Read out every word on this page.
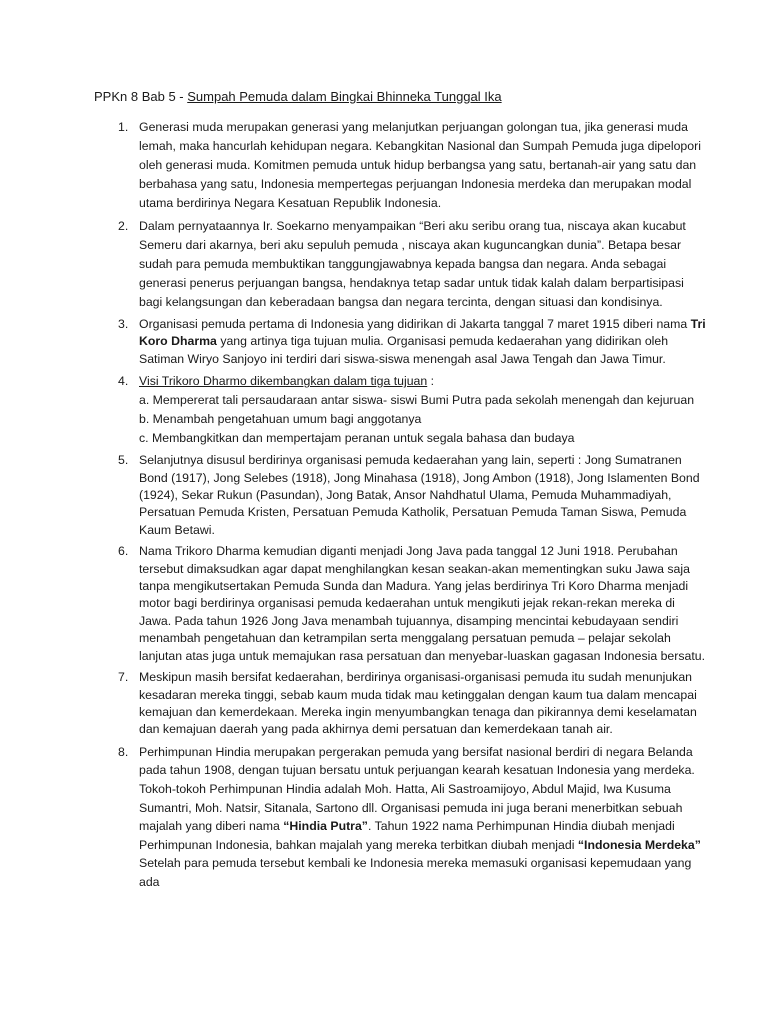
PPKn 8 Bab 5 - Sumpah Pemuda dalam Bingkai Bhinneka Tunggal Ika
1. Generasi muda merupakan generasi yang melanjutkan perjuangan golongan tua, jika generasi muda lemah, maka hancurlah kehidupan negara. Kebangkitan Nasional dan Sumpah Pemuda juga dipelopori oleh generasi muda. Komitmen pemuda untuk hidup berbangsa yang satu, bertanah-air yang satu dan berbahasa yang satu, Indonesia mempertegas perjuangan Indonesia merdeka dan merupakan modal utama berdirinya Negara Kesatuan Republik Indonesia.
2. Dalam pernyataannya Ir. Soekarno menyampaikan “Beri aku seribu orang tua, niscaya akan kucabut Semeru dari akarnya, beri aku sepuluh pemuda , niscaya akan kuguncangkan dunia”. Betapa besar sudah para pemuda membuktikan tanggungjawabnya kepada bangsa dan negara. Anda sebagai generasi penerus perjuangan bangsa, hendaknya tetap sadar untuk tidak kalah dalam berpartisipasi bagi kelangsungan dan keberadaan bangsa dan negara tercinta, dengan situasi dan kondisinya.
3. Organisasi pemuda pertama di Indonesia yang didirikan di Jakarta tanggal 7 maret 1915 diberi nama Tri Koro Dharma yang artinya tiga tujuan mulia. Organisasi pemuda kedaerahan yang didirikan oleh Satiman Wiryo Sanjoyo ini terdiri dari siswa-siswa menengah asal Jawa Tengah dan Jawa Timur.
4. Visi Trikoro Dharmo dikembangkan dalam tiga tujuan :
a. Mempererat tali persaudaraan antar siswa- siswi Bumi Putra pada sekolah menengah dan kejuruan
b. Menambah pengetahuan umum bagi anggotanya
c. Membangkitkan dan mempertajam peranan untuk segala bahasa dan budaya
5. Selanjutnya disusul berdirinya organisasi pemuda kedaerahan yang lain, seperti : Jong Sumatranen Bond (1917), Jong Selebes (1918), Jong Minahasa (1918), Jong Ambon (1918), Jong Islamenten Bond (1924), Sekar Rukun (Pasundan), Jong Batak, Ansor Nahdhatul Ulama, Pemuda Muhammadiyah, Persatuan Pemuda Kristen, Persatuan Pemuda Katholik, Persatuan Pemuda Taman Siswa, Pemuda Kaum Betawi.
6. Nama Trikoro Dharma kemudian diganti menjadi Jong Java pada tanggal 12 Juni 1918. Perubahan tersebut dimaksudkan agar dapat menghilangkan kesan seakan-akan mementingkan suku Jawa saja tanpa mengikutsertakan Pemuda Sunda dan Madura. Yang jelas berdirinya Tri Koro Dharma menjadi motor bagi berdirinya organisasi pemuda kedaerahan untuk mengikuti jejak rekan-rekan mereka di Jawa. Pada tahun 1926 Jong Java menambah tujuannya, disamping mencintai kebudayaan sendiri menambah pengetahuan dan ketrampilan serta menggalang persatuan pemuda – pelajar sekolah lanjutan atas juga untuk memajukan rasa persatuan dan menyebar-luaskan gagasan Indonesia bersatu.
7. Meskipun masih bersifat kedaerahan, berdirinya organisasi-organisasi pemuda itu sudah menunjukan kesadaran mereka tinggi, sebab kaum muda tidak mau ketinggalan dengan kaum tua dalam mencapai kemajuan dan kemerdekaan. Mereka ingin menyumbangkan tenaga dan pikirannya demi keselamatan dan kemajuan daerah yang pada akhirnya demi persatuan dan kemerdekaan tanah air.
8. Perhimpunan Hindia merupakan pergerakan pemuda yang bersifat nasional berdiri di negara Belanda pada tahun 1908, dengan tujuan bersatu untuk perjuangan kearah kesatuan Indonesia yang merdeka. Tokoh-tokoh Perhimpunan Hindia adalah Moh. Hatta, Ali Sastroamijoyo, Abdul Majid, Iwa Kusuma Sumantri, Moh. Natsir, Sitanala, Sartono dll. Organisasi pemuda ini juga berani menerbitkan sebuah majalah yang diberi nama “Hindia Putra”. Tahun 1922 nama Perhimpunan Hindia diubah menjadi Perhimpunan Indonesia, bahkan majalah yang mereka terbitkan diubah menjadi “Indonesia Merdeka” Setelah para pemuda tersebut kembali ke Indonesia mereka memasuki organisasi kepemudaan yang ada
